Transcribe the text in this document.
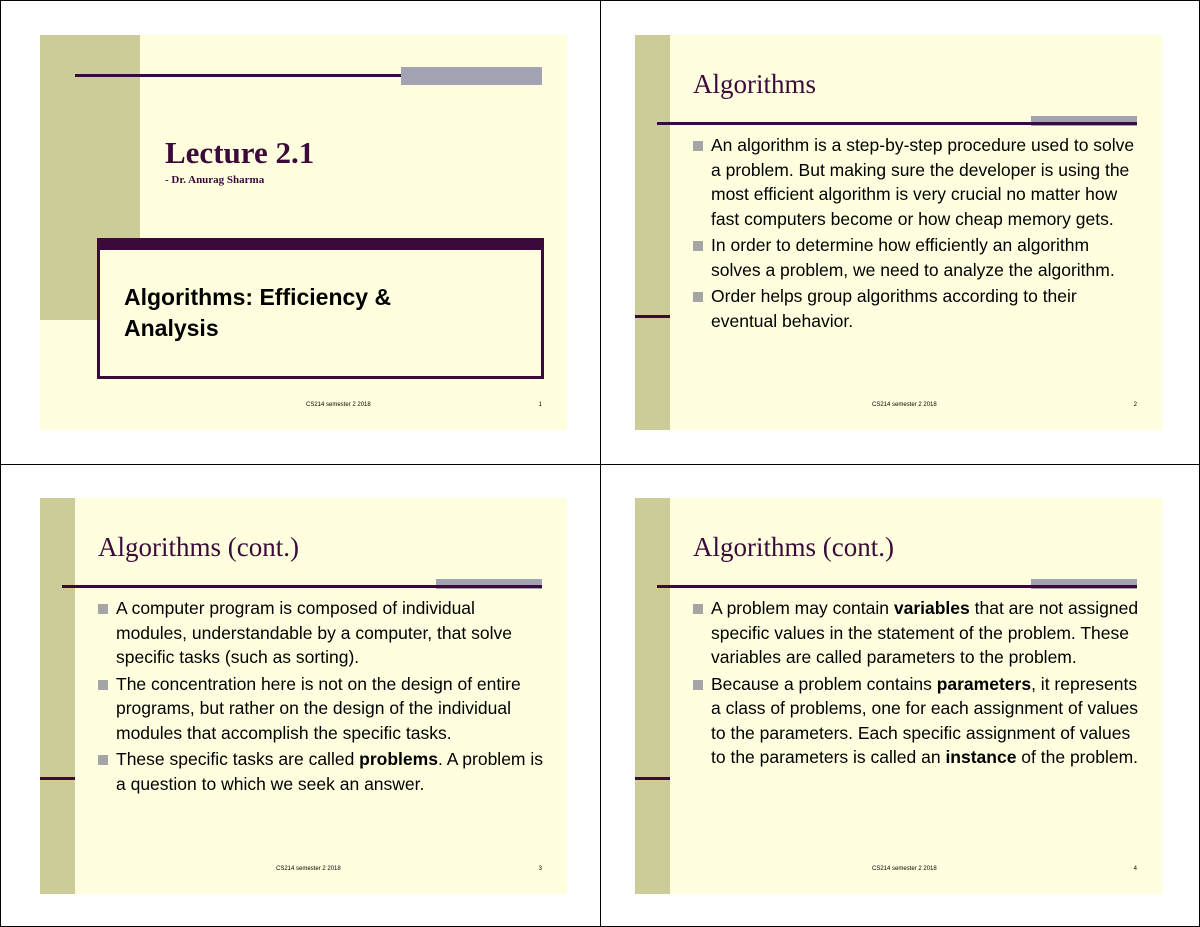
Lecture 2.1
- Dr. Anurag Sharma
Algorithms: Efficiency &
Analysis
CS214 semester 2 2018	1
Algorithms
An algorithm is a step-by-step procedure used to solve a problem. But making sure the developer is using the most efficient algorithm is very crucial no matter how fast computers become or how cheap memory gets.
In order to determine how efficiently an algorithm solves a problem, we need to analyze the algorithm.
Order helps group algorithms according to their eventual behavior.
CS214 semester 2 2018	2
Algorithms (cont.)
A computer program is composed of individual modules, understandable by a computer, that solve specific tasks (such as sorting).
The concentration here is not on the design of entire programs, but rather on the design of the individual modules that accomplish the specific tasks.
These specific tasks are called problems. A problem is a question to which we seek an answer.
CS214 semester 2 2018	3
Algorithms (cont.)
A problem may contain variables that are not assigned specific values in the statement of the problem. These variables are called parameters to the problem.
Because a problem contains parameters, it represents a class of problems, one for each assignment of values to the parameters. Each specific assignment of values to the parameters is called an instance of the problem.
CS214 semester 2 2018	4
